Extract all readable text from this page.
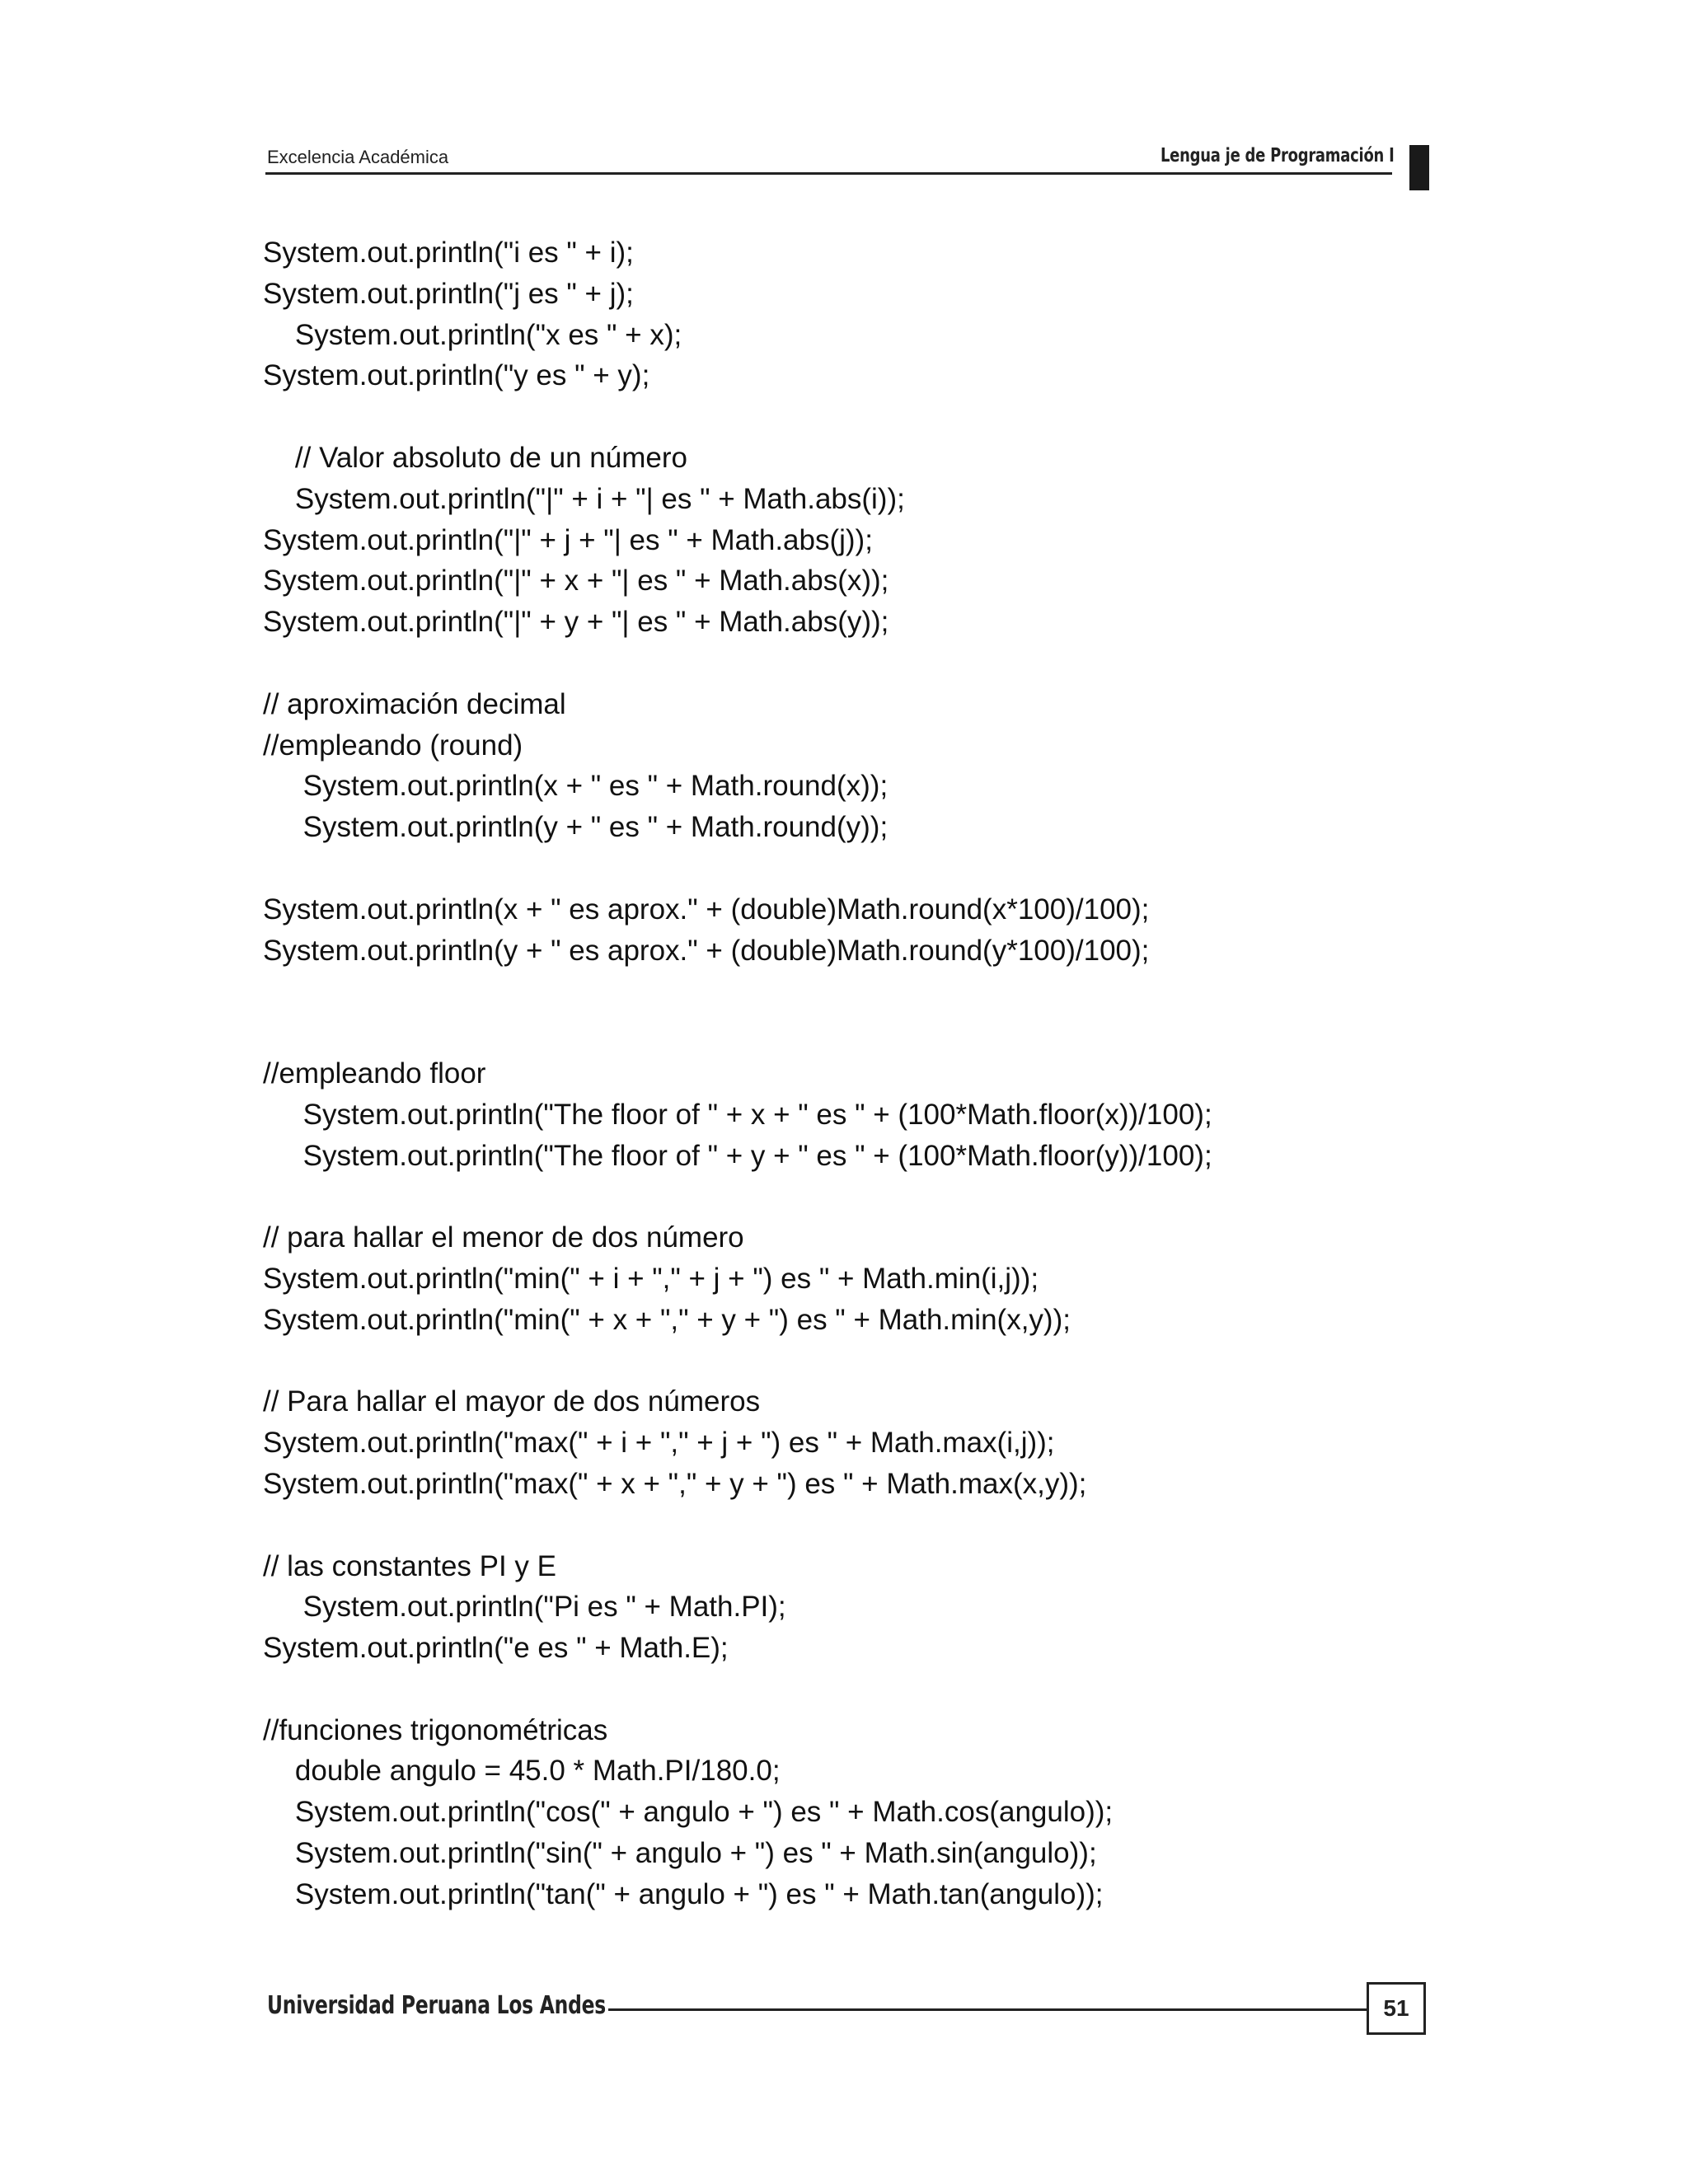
Excelencia Académica	Lengua je de Programación I
System.out.println("i es " + i);
System.out.println("j es " + j);
System.out.println("x es " + x);
System.out.println("y es " + y);

// Valor absoluto de un número
System.out.println("|" + i + "| es " + Math.abs(i));
System.out.println("|" + j + "| es " + Math.abs(j));
System.out.println("|" + x + "| es " + Math.abs(x));
System.out.println("|" + y + "| es " + Math.abs(y));

// aproximación decimal
//empleando (round)
System.out.println(x + " es " + Math.round(x));
System.out.println(y + " es " + Math.round(y));

System.out.println(x + " es aprox." + (double)Math.round(x*100)/100);
System.out.println(y + " es aprox." + (double)Math.round(y*100)/100);

//empleando floor
System.out.println("The floor of " + x + " es " + (100*Math.floor(x))/100);
System.out.println("The floor of " + y + " es " + (100*Math.floor(y))/100);

// para hallar el menor de dos número
System.out.println("min(" + i + "," + j + ") es " + Math.min(i,j));
System.out.println("min(" + x + "," + y + ") es " + Math.min(x,y));

// Para hallar el mayor de dos números
System.out.println("max(" + i + "," + j + ") es " + Math.max(i,j));
System.out.println("max(" + x + "," + y + ") es " + Math.max(x,y));

// las constantes PI y E
System.out.println("Pi es " + Math.PI);
System.out.println("e es " + Math.E);

//funciones trigonométricas
double angulo = 45.0 * Math.PI/180.0;
System.out.println("cos(" + angulo + ") es " + Math.cos(angulo));
System.out.println("sin(" + angulo + ") es " + Math.sin(angulo));
System.out.println("tan(" + angulo + ") es " + Math.tan(angulo));
Universidad Peruana Los Andes	51
